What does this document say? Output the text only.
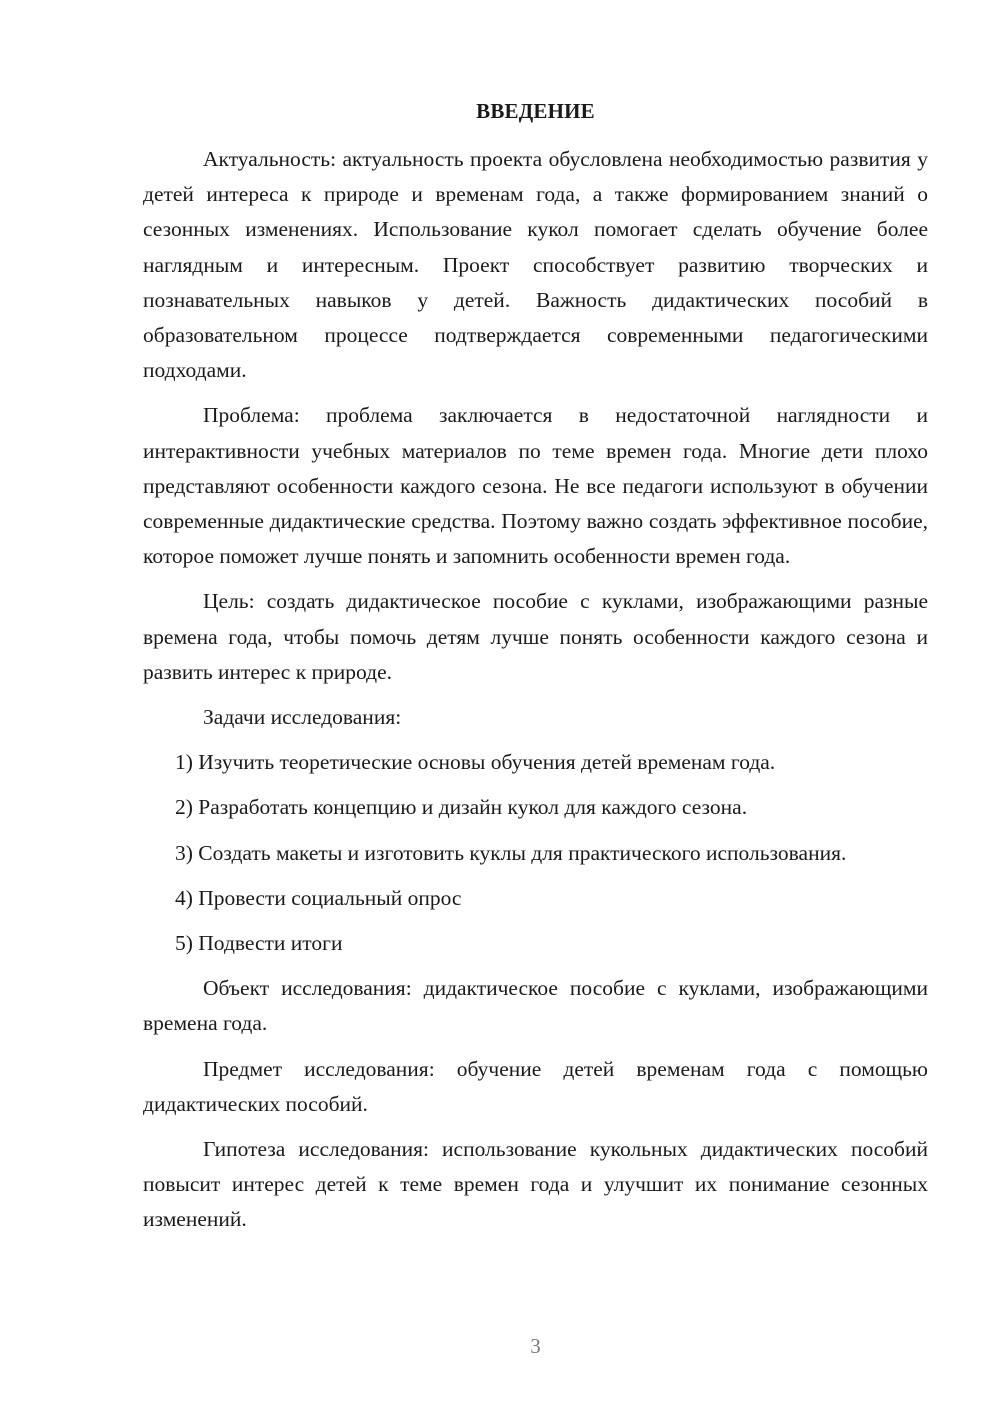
ВВЕДЕНИЕ

Актуальность: актуальность проекта обусловлена необходимостью развития у детей интереса к природе и временам года, а также формированием знаний о сезонных изменениях. Использование кукол помогает сделать обучение более наглядным и интересным. Проект способствует развитию творческих и познавательных навыков у детей. Важность дидактических пособий в образовательном процессе подтверждается современными педагогическими подходами.

Проблема: проблема заключается в недостаточной наглядности и интерактивности учебных материалов по теме времен года. Многие дети плохо представляют особенности каждого сезона. Не все педагоги используют в обучении современные дидактические средства. Поэтому важно создать эффективное пособие, которое поможет лучше понять и запомнить особенности времен года.

Цель: создать дидактическое пособие с куклами, изображающими разные времена года, чтобы помочь детям лучше понять особенности каждого сезона и развить интерес к природе.

Задачи исследования:

1) Изучить теоретические основы обучения детей временам года.

2) Разработать концепцию и дизайн кукол для каждого сезона.

3) Создать макеты и изготовить куклы для практического использования.

4) Провести социальный опрос

5) Подвести итоги

Объект исследования: дидактическое пособие с куклами, изображающими времена года.

Предмет исследования: обучение детей временам года с помощью дидактических пособий.

Гипотеза исследования: использование кукольных дидактических пособий повысит интерес детей к теме времен года и улучшит их понимание сезонных изменений.

3
